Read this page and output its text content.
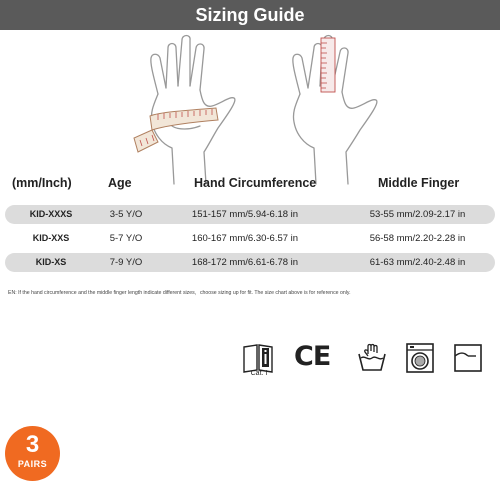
Sizing Guide
(mm/Inch)	Age	Hand Circumference	Middle Finger
KID-XXXS	3-5 Y/O	151-157 mm/5.94-6.18 in	53-55 mm/2.09-2.17 in
KID-XXS	5-7 Y/O	160-167 mm/6.30-6.57 in	56-58 mm/2.20-2.28 in
KID-XS	7-9 Y/O	168-172 mm/6.61-6.78 in	61-63 mm/2.40-2.48 in
EN: If the hand circumference and the middle finger length indicate different sizes，choose sizing up for fit. The size chart above is for reference only.
Cat. I
CE
3
PAIRS
